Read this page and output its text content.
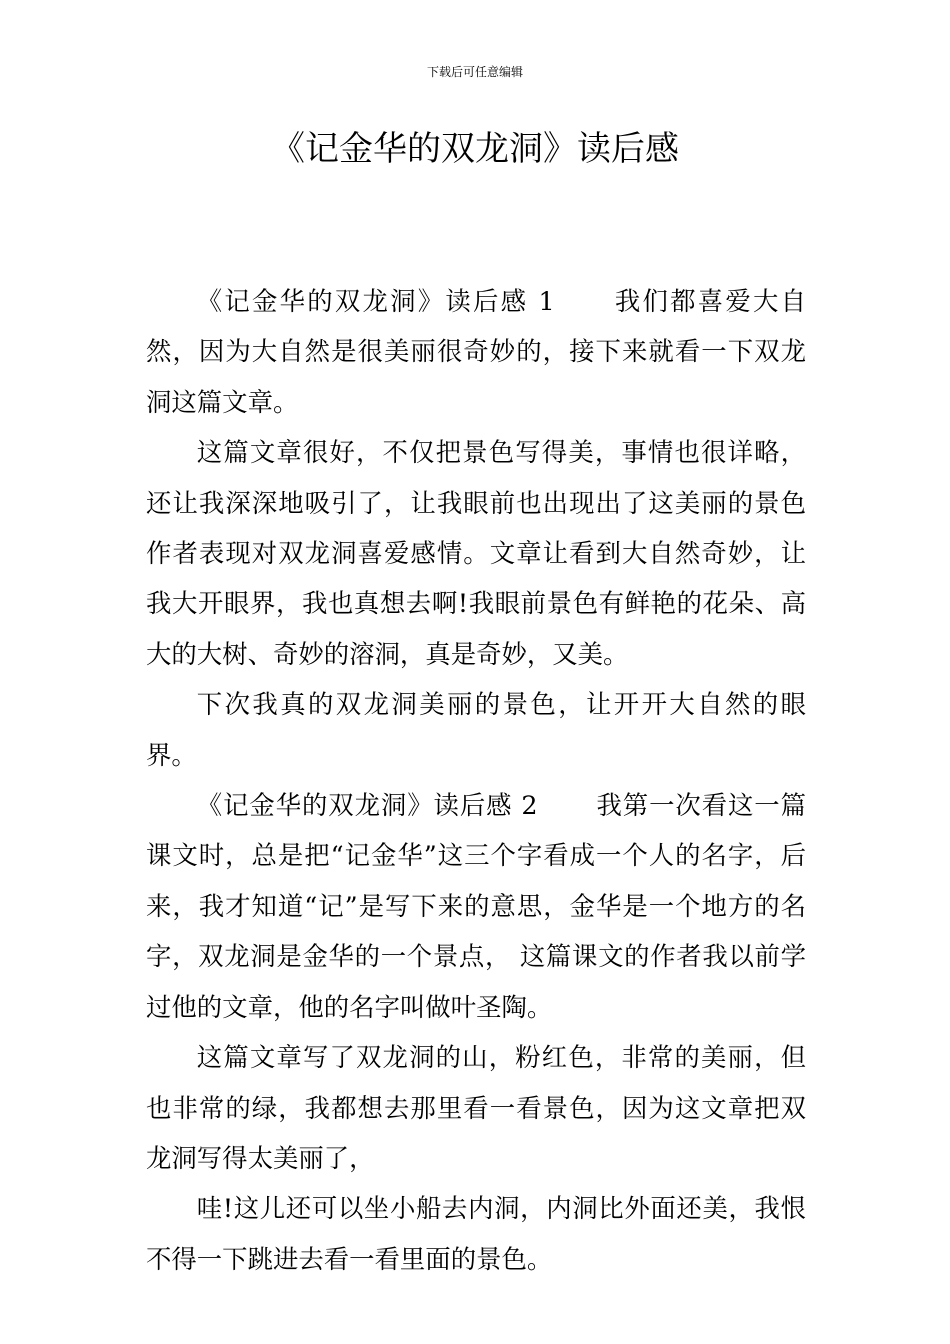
下载后可任意编辑
《记金华的双龙洞》读后感

《记金华的双龙洞》读后感 1 我们都喜爱大自然，因为大自然是很美丽很奇妙的，接下来就看一下双龙洞这篇文章。

这篇文章很好，不仅把景色写得美，事情也很详略，还让我深深地吸引了，让我眼前也出现出了这美丽的景色作者表现对双龙洞喜爱感情。文章让看到大自然奇妙，让我大开眼界，我也真想去啊!我眼前景色有鲜艳的花朵、高大的大树、奇妙的溶洞，真是奇妙，又美。

下次我真的双龙洞美丽的景色，让开开大自然的眼界。

《记金华的双龙洞》读后感 2 我第一次看这一篇课文时，总是把“记金华”这三个字看成一个人的名字，后来，我才知道“记”是写下来的意思，金华是一个地方的名字，双龙洞是金华的一个景点， 这篇课文的作者我以前学过他的文章，他的名字叫做叶圣陶。

这篇文章写了双龙洞的山，粉红色，非常的美丽，但也非常的绿，我都想去那里看一看景色，因为这文章把双龙洞写得太美丽了，

哇!这儿还可以坐小船去内洞，内洞比外面还美，我恨不得一下跳进去看一看里面的景色。
